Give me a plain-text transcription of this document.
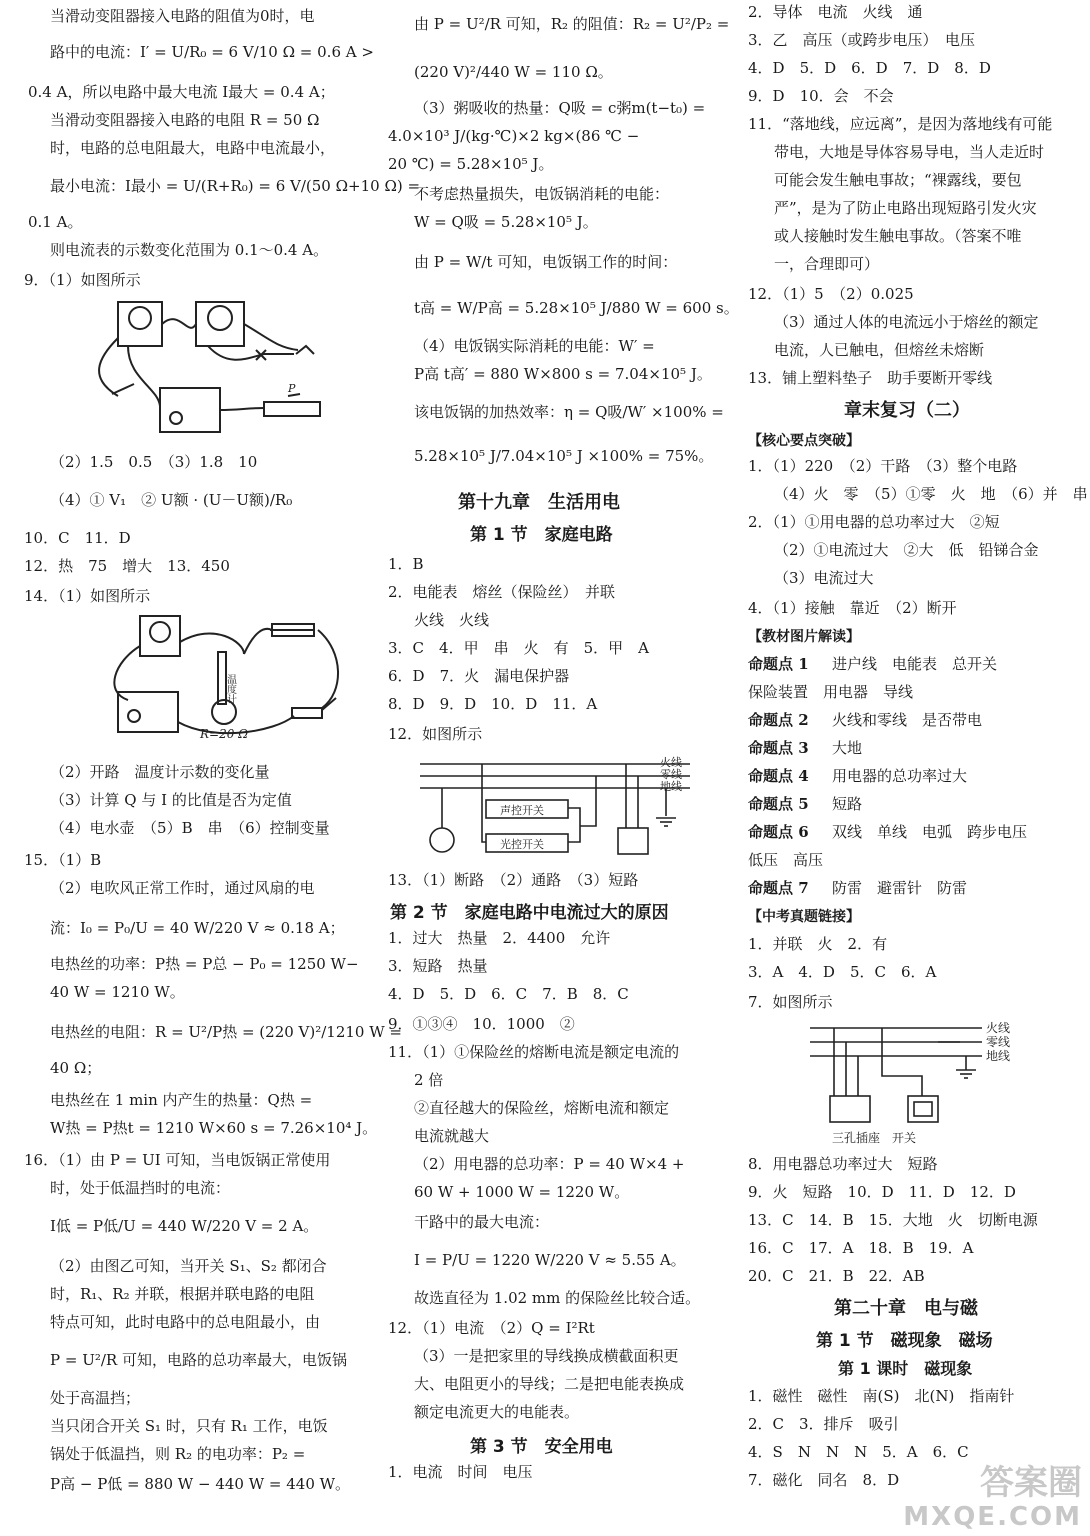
当滑动变阻器接入电路的阻值为0时，电
路中的电流：I′ = U/R₀ = 6 V/10 Ω = 0.6 A >
0.4 A，所以电路中最大电流 I最大 = 0.4 A；
当滑动变阻器接入电路的电阻 R = 50 Ω
时，电路的总电阻最大，电路中电流最小，
最小电流：I最小 = U/(R+R₀) = 6 V/(50 Ω+10 Ω) =
0.1 A。
则电流表的示数变化范围为 0.1～0.4 A。
9．（1）如图所示
P
（2）1.5　0.5　（3）1.8　10
（4）① V₁　② U额 · (U－U额)/R₀
10．C　11．D
12．热　75　增大　13．450
14．（1）如图所示
温度计
R=20 Ω
（2）开路　温度计示数的变化量
（3）计算 Q 与 I 的比值是否为定值
（4）电水壶　（5）B　串　（6）控制变量
15．（1）B
（2）电吹风正常工作时，通过风扇的电
流：I₀ = P₀/U = 40 W/220 V ≈ 0.18 A；
电热丝的功率：P热 = P总 − P₀ = 1250 W−
40 W = 1210 W。
电热丝的电阻：R = U²/P热 = (220 V)²/1210 W =
40 Ω；
电热丝在 1 min 内产生的热量：Q热 =
W热 = P热t = 1210 W×60 s = 7.26×10⁴ J。
16．（1）由 P = UI 可知，当电饭锅正常使用
时，处于低温挡时的电流：
I低 = P低/U = 440 W/220 V = 2 A。
（2）由图乙可知，当开关 S₁、S₂ 都闭合
时，R₁、R₂ 并联，根据并联电路的电阻
特点可知，此时电路中的总电阻最小，由
P = U²/R 可知，电路的总功率最大，电饭锅
处于高温挡；
当只闭合开关 S₁ 时，只有 R₁ 工作，电饭
锅处于低温挡，则 R₂ 的电功率：P₂ =
P高 − P低 = 880 W − 440 W = 440 W。
由 P = U²/R 可知，R₂ 的阻值：R₂ = U²/P₂ =
(220 V)²/440 W = 110 Ω。
（3）粥吸收的热量：Q吸 = c粥m(t−t₀) =
4.0×10³ J/(kg·℃)×2 kg×(86 ℃ −
20 ℃) = 5.28×10⁵ J。
不考虑热量损失，电饭锅消耗的电能：
W = Q吸 = 5.28×10⁵ J。
由 P = W/t 可知，电饭锅工作的时间：
t高 = W/P高 = 5.28×10⁵ J/880 W = 600 s。
（4）电饭锅实际消耗的电能：W′ =
P高 t高′ = 880 W×800 s = 7.04×10⁵ J。
该电饭锅的加热效率：η = Q吸/W′ ×100% =
5.28×10⁵ J/7.04×10⁵ J ×100% = 75%。
第十九章　生活用电
第 1 节　家庭电路
1．B
2．电能表　熔丝（保险丝）　并联
火线　火线
3．C　4．甲　串　火　有　5．甲　A
6．D　7．火　漏电保护器
8．D　9．D　10．D　11．A
12．如图所示
火线
零线
地线
声控开关
光控开关
13．（1）断路　（2）通路　（3）短路
第 2 节　家庭电路中电流过大的原因
1．过大　热量　2．4400　允许
3．短路　热量
4．D　5．D　6．C　7．B　8．C
9．①③④　10．1000　②
11．（1）①保险丝的熔断电流是额定电流的
2 倍
②直径越大的保险丝，熔断电流和额定
电流就越大
（2）用电器的总功率：P = 40 W×4 +
60 W + 1000 W = 1220 W。
干路中的最大电流：
I = P/U = 1220 W/220 V ≈ 5.55 A。
故选直径为 1.02 mm 的保险丝比较合适。
12．（1）电流　（2）Q = I²Rt
（3）一是把家里的导线换成横截面积更
大、电阻更小的导线；二是把电能表换成
额定电流更大的电能表。
第 3 节　安全用电
1．电流　时间　电压
2．导体　电流　火线　通
3．乙　高压（或跨步电压）　电压
4．D　5．D　6．D　7．D　8．D
9．D　10．会　不会
11．“落地线，应远离”，是因为落地线有可能
带电，大地是导体容易导电，当人走近时
可能会发生触电事故；“裸露线，要包
严”，是为了防止电路出现短路引发火灾
或人接触时发生触电事故。（答案不唯
一，合理即可）
12．（1）5　（2）0.025
（3）通过人体的电流远小于熔丝的额定
电流，人已触电，但熔丝未熔断
13．铺上塑料垫子　助手要断开零线
章末复习（二）
【核心要点突破】
1．（1）220　（2）干路　（3）整个电路
（4）火　零　（5）①零　火　地　（6）并　串
2．（1）①用电器的总功率过大　②短
（2）①电流过大　②大　低　铅锑合金
（3）电流过大
4．（1）接触　靠近　（2）断开
【教材图片解读】
命题点 1 进户线　电能表　总开关
保险装置　用电器　导线
命题点 2 火线和零线　是否带电
命题点 3 大地
命题点 4 用电器的总功率过大
命题点 5 短路
命题点 6 双线　单线　电弧　跨步电压
低压　高压
命题点 7 防雷　避雷针　防雷
【中考真题链接】
1．并联　火　2．有
3．A　4．D　5．C　6．A
7．如图所示
火线
零线
地线
三孔插座　开关
8．用电器总功率过大　短路
9．火　短路　10．D　11．D　12．D
13．C　14．B　15．大地　火　切断电源
16．C　17．A　18．B　19．A
20．C　21．B　22．AB
第二十章　电与磁
第 1 节　磁现象　磁场
第 1 课时　磁现象
1．磁性　磁性　南(S)　北(N)　指南针
2．C　3．排斥　吸引
4．S　N　N　N　5．A　6．C
7．磁化　同名　8．D	答案圈
MXQE.COM
